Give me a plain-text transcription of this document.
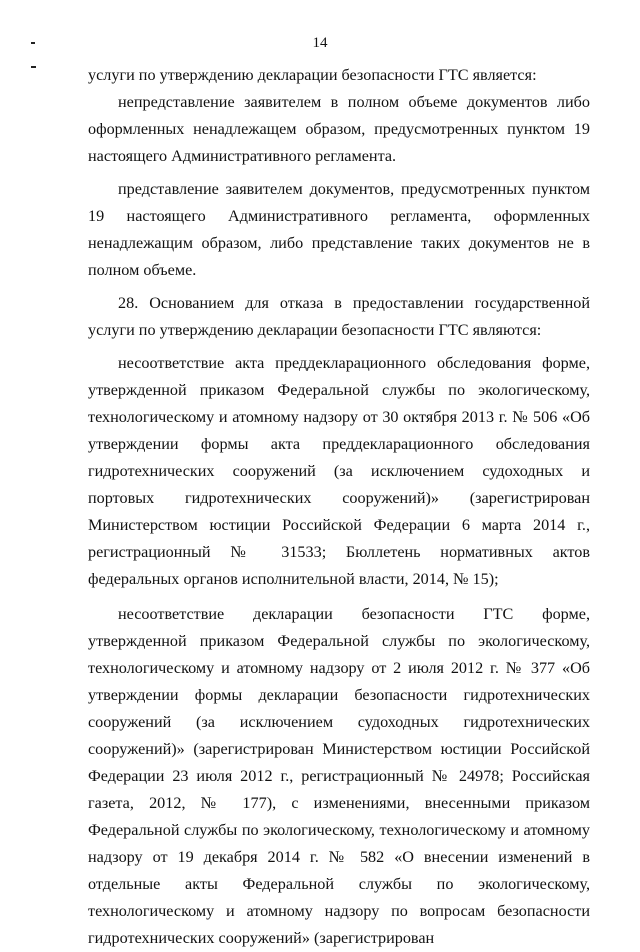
14

услуги по утверждению декларации безопасности ГТС является:

непредставление заявителем в полном объеме документов либо оформленных ненадлежащем образом, предусмотренных пунктом 19 настоящего Административного регламента.

представление заявителем документов, предусмотренных пунктом 19 настоящего Административного регламента, оформленных ненадлежащим образом, либо представление таких документов не в полном объеме.

28. Основанием для отказа в предоставлении государственной услуги по утверждению декларации безопасности ГТС являются:

несоответствие акта преддекларационного обследования форме, утвержденной приказом Федеральной службы по экологическому, технологическому и атомному надзору от 30 октября 2013 г. № 506 «Об утверждении формы акта преддекларационного обследования гидротехнических сооружений (за исключением судоходных и портовых гидротехнических сооружений)» (зарегистрирован Министерством юстиции Российской Федерации 6 марта 2014 г., регистрационный № 31533; Бюллетень нормативных актов федеральных органов исполнительной власти, 2014, № 15);

несоответствие декларации безопасности ГТС форме, утвержденной приказом Федеральной службы по экологическому, технологическому и атомному надзору от 2 июля 2012 г. № 377 «Об утверждении формы декларации безопасности гидротехнических сооружений (за исключением судоходных гидротехнических сооружений)» (зарегистрирован Министерством юстиции Российской Федерации 23 июля 2012 г., регистрационный № 24978; Российская газета, 2012, № 177), с изменениями, внесенными приказом Федеральной службы по экологическому, технологическому и атомному надзору от 19 декабря 2014 г. № 582 «О внесении изменений в отдельные акты Федеральной службы по экологическому, технологическому и атомному надзору по вопросам безопасности гидротехнических сооружений» (зарегистрирован
